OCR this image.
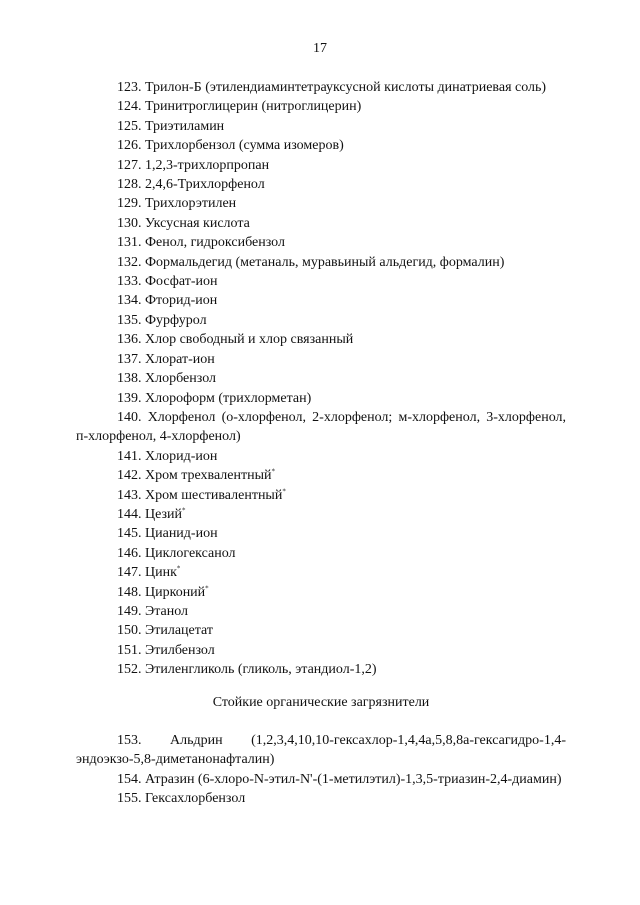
17
123. Трилон-Б (этилендиаминтетрауксусной кислоты динатриевая соль)
124. Тринитроглицерин (нитроглицерин)
125. Триэтиламин
126. Трихлорбензол (сумма изомеров)
127. 1,2,3-трихлорпропан
128. 2,4,6-Трихлорфенол
129. Трихлорэтилен
130. Уксусная кислота
131. Фенол, гидроксибензол
132. Формальдегид (метаналь, муравьиный альдегид, формалин)
133. Фосфат-ион
134. Фторид-ион
135. Фурфурол
136. Хлор свободный и хлор связанный
137. Хлорат-ион
138. Хлорбензол
139. Хлороформ (трихлорметан)
140. Хлорфенол (о-хлорфенол, 2-хлорфенол; м-хлорфенол, 3-хлорфенол, п-хлорфенол, 4-хлорфенол)
141. Хлорид-ион
142. Хром трехвалентный*
143. Хром шестивалентный*
144. Цезий*
145. Цианид-ион
146. Циклогексанол
147. Цинк*
148. Цирконий*
149. Этанол
150. Этилацетат
151. Этилбензол
152. Этиленгликоль (гликоль, этандиол-1,2)
Стойкие органические загрязнители
153. Альдрин (1,2,3,4,10,10-гексахлор-1,4,4а,5,8,8а-гексагидро-1,4-эндоэкзо-5,8-диметанонафталин)
154. Атразин (6-хлоро-N-этил-N'-(1-метилэтил)-1,3,5-триазин-2,4-диамин)
155. Гексахлорбензол
